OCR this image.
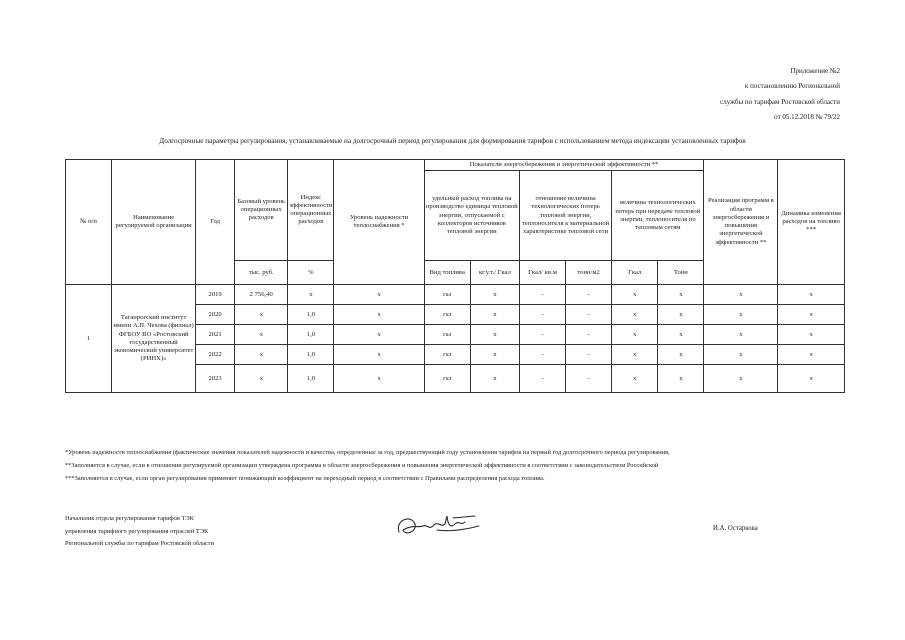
Приложение №2
к постановлению Региональной
службы по тарифам Ростовской области
от 05.12.2018 № 79/22
Долгосрочные параметры регулирования, устанавливаемые на долгосрочный период регулирования для формирования тарифов с использованием метода индексации установленных тарифов
№ п/п	Наименование регулируемой организации	Год	Базовый уровень операционных расходов	Индекс эффективности операционных расходов	Уровень надежности теплоснабжения *	Показатели энергосбережения и энергетической эффективности **						Реализация программ в области энергосбережения и повышения энергетической эффективности **	Динамика изменения расходов на топливо ***
						удельный расход топлива на производство единицы тепловой энергии, отпускаемой с коллекторов источников тепловой энергии		отношение величины технологических потерь тепловой энергии, теплоносителя к материальной характеристике тепловой сети		величина технологических потерь при передаче тепловой энергии, теплоносителя по тепловым сетям			
			тыс. руб.	%		Вид топлива	кг.у.т./ Гкал	Гкал/ кв.м	тонн/м2	Гкал	Тонн		
1	Таганрогский институт имени А.П. Чехова (филиал) ФГБОУ ВО «Ростовский государственный экономический университет (РИНХ)»	2019	2 756,40	x	x	газ	x	-	-	x	x	x	x
		2020	x	1,0	x	газ	x	-	-	x	x	x	x
		2021	x	1,0	x	газ	x	-	-	x	x	x	x
		2022	x	1,0	x	газ	x	-	-	x	x	x	x
		2023	x	1,0	x	газ	x	-	-	x	x	x	x
*Уровень надежности теплоснабжения (фактические значения показателей надежности и качества, определенные за год, предшествующий году установления тарифов на первый год долгосрочного периода регулирования,
**Заполняется в случае, если в отношении регулируемой организации утверждена программа в области энергосбережения и повышения энергетической эффективности в соответствии с законодательством Российской
***Заполняется в случае, если орган регулирования применяет понижающий коэффициент на переходный период в соответствии с Правилами распределения расхода топлива.
Начальник отдела регулирования тарифов ТЭК
управления тарифного регулирования отраслей ТЭК
Региональной службы по тарифам Ростовской области
И.А. Остаркова
